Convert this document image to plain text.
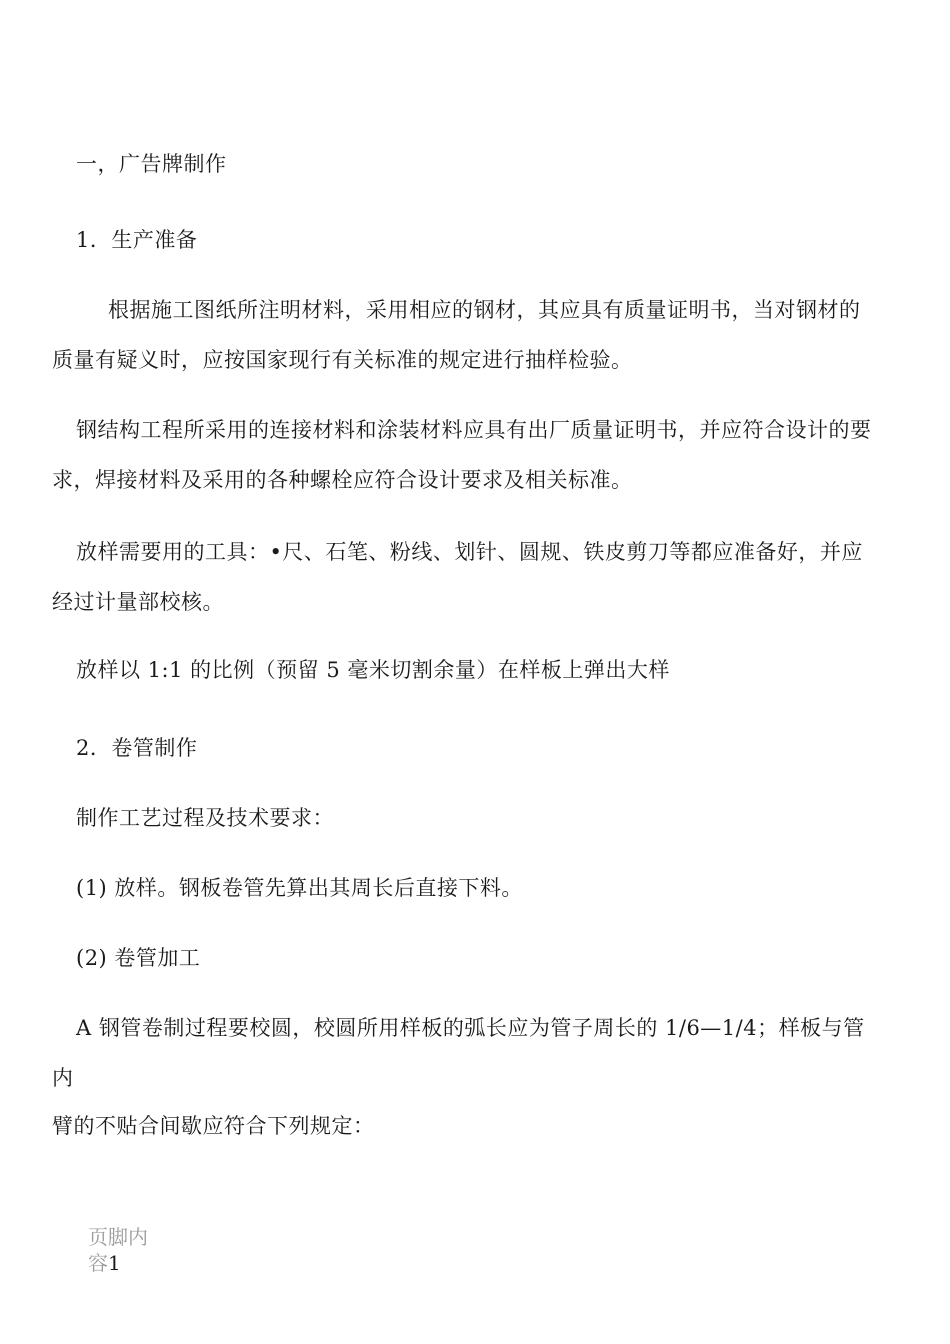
一，广告牌制作
1．生产准备
根据施工图纸所注明材料，采用相应的钢材，其应具有质量证明书，当对钢材的
质量有疑义时，应按国家现行有关标准的规定进行抽样检验。
钢结构工程所采用的连接材料和涂装材料应具有出厂质量证明书，并应符合设计的要
求，焊接材料及采用的各种螺栓应符合设计要求及相关标准。
放样需要用的工具：•尺、石笔、粉线、划针、圆规、铁皮剪刀等都应准备好，并应
经过计量部校核。
放样以 1:1 的比例（预留 5 毫米切割余量）在样板上弹出大样
2．卷管制作
制作工艺过程及技术要求：
(1) 放样。钢板卷管先算出其周长后直接下料。
(2) 卷管加工
A 钢管卷制过程要校圆，校圆所用样板的弧长应为管子周长的 1/6—1/4；样板与管
内
臂的不贴合间歇应符合下列规定：
页脚内容1
